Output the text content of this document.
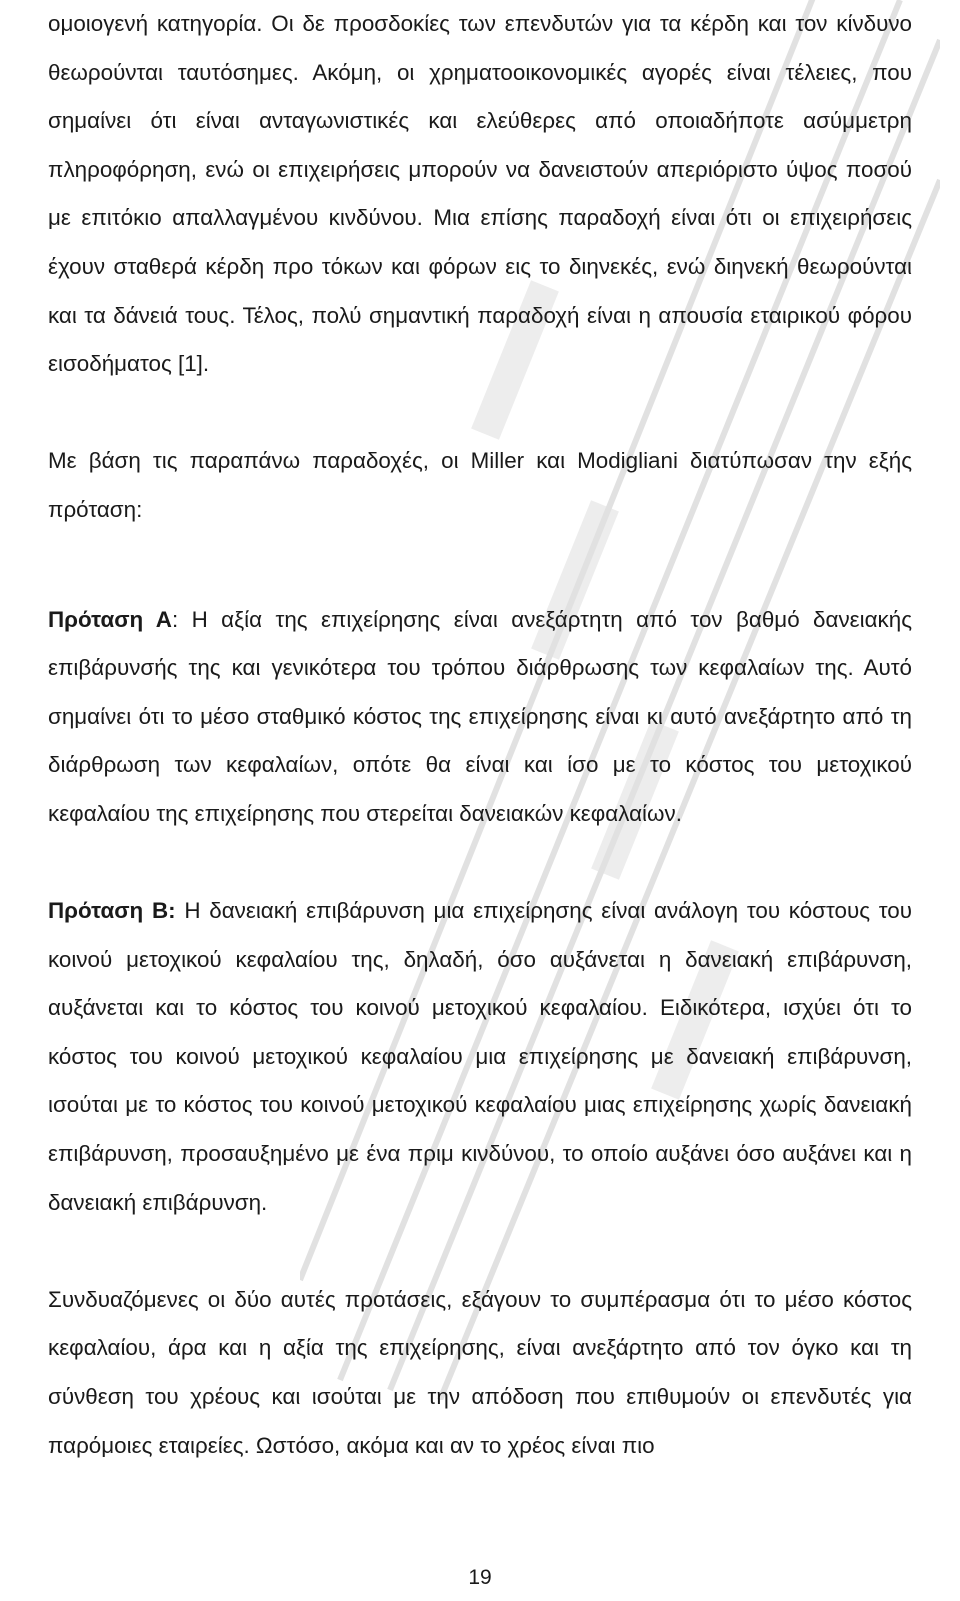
ομοιογενή κατηγορία. Οι δε προσδοκίες των επενδυτών για τα κέρδη και τον κίνδυνο θεωρούνται ταυτόσημες. Ακόμη, οι χρηματοοικονομικές αγορές είναι τέλειες, που σημαίνει ότι είναι ανταγωνιστικές και ελεύθερες από οποιαδήποτε ασύμμετρη πληροφόρηση, ενώ οι επιχειρήσεις μπορούν να δανειστούν απεριόριστο ύψος ποσού με επιτόκιο απαλλαγμένου κινδύνου. Μια επίσης παραδοχή είναι ότι οι επιχειρήσεις έχουν σταθερά κέρδη προ τόκων και φόρων εις το διηνεκές, ενώ διηνεκή θεωρούνται και τα δάνειά τους. Τέλος, πολύ σημαντική παραδοχή είναι η απουσία εταιρικού φόρου εισοδήματος [1].

Με βάση τις παραπάνω παραδοχές, οι Miller και Modigliani διατύπωσαν την εξής πρόταση:

Πρόταση Α: Η αξία της επιχείρησης είναι ανεξάρτητη από τον βαθμό δανειακής επιβάρυνσής της και γενικότερα του τρόπου διάρθρωσης των κεφαλαίων της. Αυτό σημαίνει ότι το μέσο σταθμικό κόστος της επιχείρησης είναι κι αυτό ανεξάρτητο από τη διάρθρωση των κεφαλαίων, οπότε θα είναι και ίσο με το κόστος του μετοχικού κεφαλαίου της επιχείρησης που στερείται δανειακών κεφαλαίων.

Πρόταση Β: Η δανειακή επιβάρυνση μια επιχείρησης είναι ανάλογη του κόστους του κοινού μετοχικού κεφαλαίου της, δηλαδή, όσο αυξάνεται η δανειακή επιβάρυνση, αυξάνεται και το κόστος του κοινού μετοχικού κεφαλαίου. Ειδικότερα, ισχύει ότι το κόστος του κοινού μετοχικού κεφαλαίου μια επιχείρησης με δανειακή επιβάρυνση, ισούται με το κόστος του κοινού μετοχικού κεφαλαίου μιας επιχείρησης χωρίς δανειακή επιβάρυνση, προσαυξημένο με ένα πριμ κινδύνου, το οποίο αυξάνει όσο αυξάνει και η δανειακή επιβάρυνση.

Συνδυαζόμενες οι δύο αυτές προτάσεις, εξάγουν το συμπέρασμα ότι το μέσο κόστος κεφαλαίου, άρα και η αξία της επιχείρησης, είναι ανεξάρτητο από τον όγκο και τη σύνθεση του χρέους και ισούται με την απόδοση που επιθυμούν οι επενδυτές για παρόμοιες εταιρείες. Ωστόσο, ακόμα και αν το χρέος είναι πιο

19
